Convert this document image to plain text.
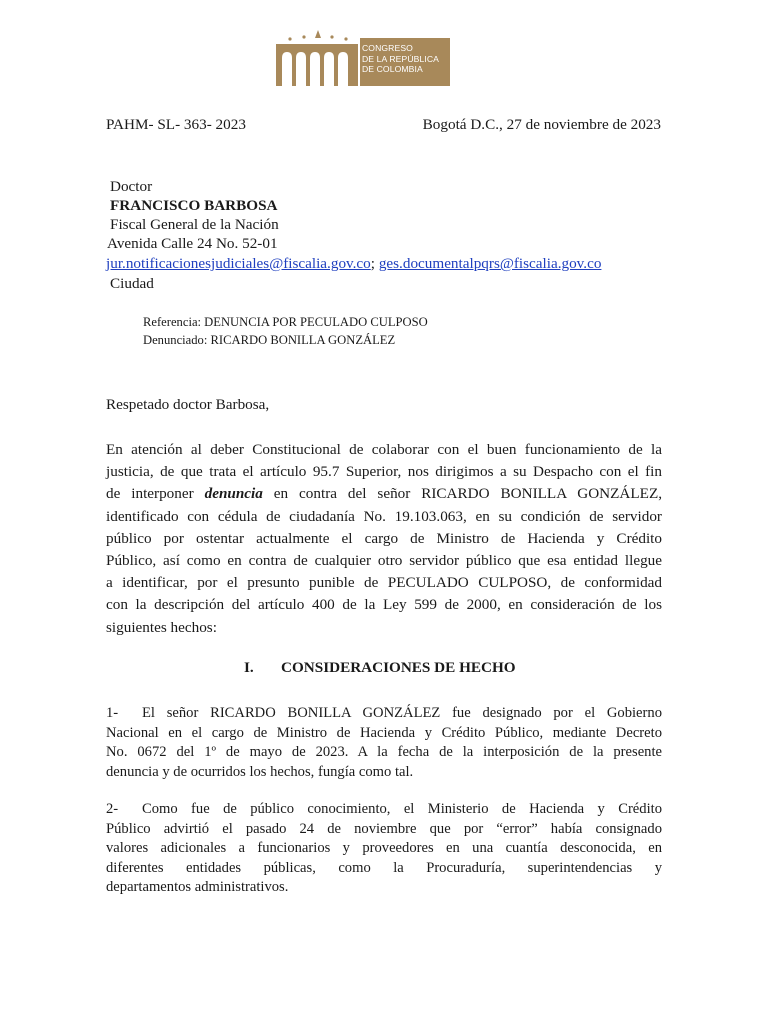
CONGRESO
DE LA REPÚBLICA
DE COLOMBIA
PAHM- SL- 363- 2023	Bogotá D.C., 27 de noviembre de 2023
Doctor
FRANCISCO BARBOSA
Fiscal General de la Nación
Avenida Calle 24 No. 52-01
jur.notificacionesjudiciales@fiscalia.gov.co; ges.documentalpqrs@fiscalia.gov.co
Ciudad
Referencia: DENUNCIA POR PECULADO CULPOSO
Denunciado: RICARDO BONILLA GONZÁLEZ
Respetado doctor Barbosa,
En atención al deber Constitucional de colaborar con el buen funcionamiento de la
justicia, de que trata el artículo 95.7 Superior, nos dirigimos a su Despacho con el fin
de interponer denuncia en contra del señor RICARDO BONILLA GONZÁLEZ,
identificado con cédula de ciudadanía No. 19.103.063, en su condición de servidor
público por ostentar actualmente el cargo de Ministro de Hacienda y Crédito
Público, así como en contra de cualquier otro servidor público que esa entidad llegue
a identificar, por el presunto punible de PECULADO CULPOSO, de conformidad
con la descripción del artículo 400 de la Ley 599 de 2000, en consideración de los
siguientes hechos:
I. CONSIDERACIONES DE HECHO
1- El señor RICARDO BONILLA GONZÁLEZ fue designado por el Gobierno
Nacional en el cargo de Ministro de Hacienda y Crédito Público, mediante Decreto
No. 0672 del 1º de mayo de 2023. A la fecha de la interposición de la presente
denuncia y de ocurridos los hechos, fungía como tal.
2- Como fue de público conocimiento, el Ministerio de Hacienda y Crédito
Público advirtió el pasado 24 de noviembre que por “error” había consignado
valores adicionales a funcionarios y proveedores en una cuantía desconocida, en
diferentes entidades públicas, como la Procuraduría, superintendencias y
departamentos administrativos.
